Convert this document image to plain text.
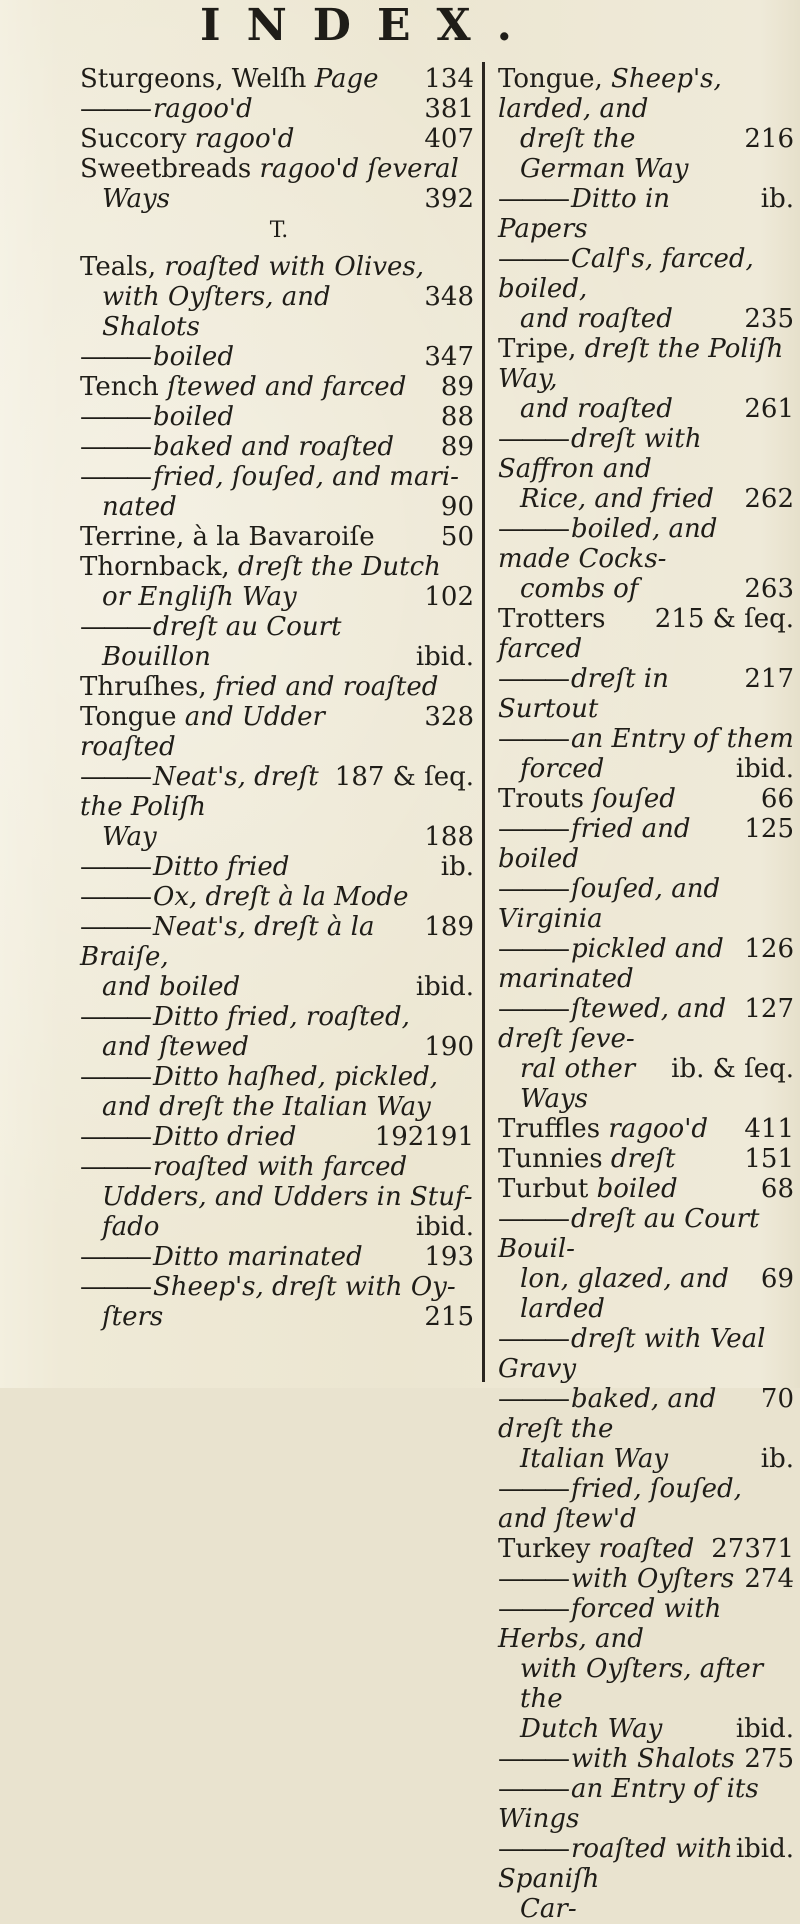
INDEX.
134
Sturgeons, Welſh Page
381
——— ragoo'd
407
Succory ragoo'd
Sweetbreads ragoo'd ſeveral
392
Ways
T.
Teals, roaſted with Olives,
348
with Oyſters, and Shalots
347
——— boiled
89
Tench ſtewed and farced
88
——— boiled
89
——— baked and roaſted
——— fried, ſouſed, and mari-
90
nated
50
Terrine, à la Bavaroiſe
Thornback, dreſt the Dutch
102
or Engliſh Way
——— dreſt au Court
ibid.
Bouillon
Thruſhes, fried and roaſted
328
Tongue and Udder roaſted
187 & ſeq.
——— Neat's, dreſt the Poliſh
188
Way
ib.
——— Ditto fried
——— Ox, dreſt à la Mode
189
——— Neat's, dreſt à la Braiſe,
ibid.
and boiled
——— Ditto fried, roaſted,
190
and ſtewed
——— Ditto haſhed, pickled,
and dreſt the Italian Way
191
192
——— Ditto dried
——— roaſted with farced
Udders, and Udders in Stuf-
ibid.
fado
193
——— Ditto marinated
——— Sheep's, dreſt with Oy-
215
ſters
Tongue, Sheep's, larded, and
216
dreſt the German Way
ib.
——— Ditto in Papers
——— Calf's, farced, boiled,
235
and roaſted
Tripe, dreſt the Poliſh Way,
261
and roaſted
——— dreſt with Saffron and
262
Rice, and fried
——— boiled, and made Cocks-
263
combs of
215 & ſeq.
Trotters farced
217
——— dreſt in Surtout
——— an Entry of them
ibid.
forced
66
Trouts ſouſed
125
——— fried and boiled
——— ſouſed, and Virginia
126
——— pickled and marinated
127
——— ſtewed, and dreſt ſeve-
ib. & ſeq.
ral other Ways
411
Truffles ragoo'd
151
Tunnies dreſt
68
Turbut boiled
——— dreſt au Court Bouil-
69
lon, glazed, and larded
——— dreſt with Veal Gravy
70
——— baked, and dreſt the
ib.
Italian Way
——— fried, ſouſed, and ſtew'd
71
273
Turkey roaſted
274
——— with Oyſters
——— forced with Herbs, and
with Oyſters, after the
ibid.
Dutch Way
275
——— with Shalots
——— an Entry of its Wings
ibid.
——— roaſted with Spaniſh
Car-
